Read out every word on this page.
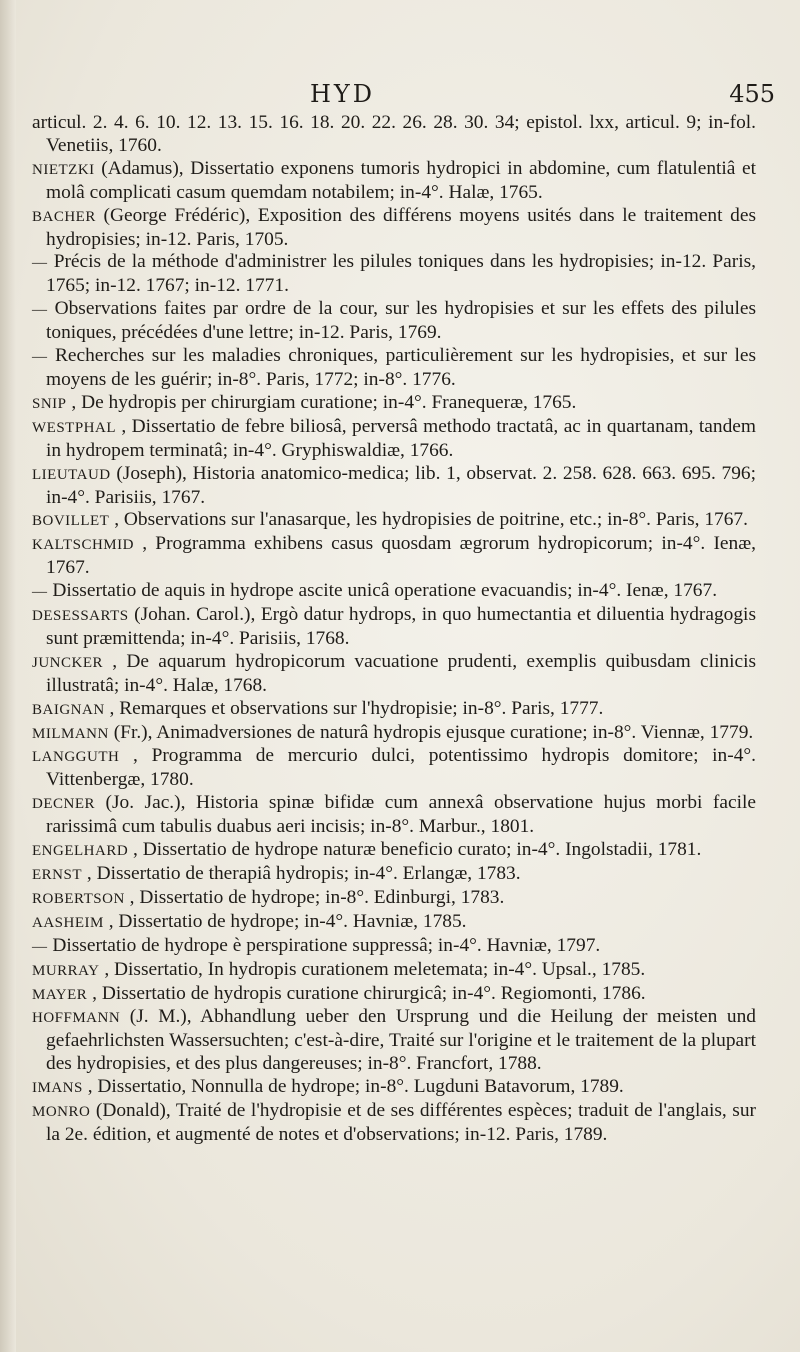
HYD	455
articul. 2. 4. 6. 10. 12. 13. 15. 16. 18. 20. 22. 26. 28. 30. 34; epistol. lxx, articul. 9; in-fol. Venetiis, 1760.
NIETZKI (Adamus), Dissertatio exponens tumoris hydropici in abdomine, cum flatulentiâ et molâ complicati casum quemdam notabilem; in-4°. Halæ, 1765.
BACHER (George Frédéric), Exposition des différens moyens usités dans le traitement des hydropisies; in-12. Paris, 1705.
— Précis de la méthode d'administrer les pilules toniques dans les hydropisies; in-12. Paris, 1765; in-12. 1767; in-12. 1771.
— Observations faites par ordre de la cour, sur les hydropisies et sur les effets des pilules toniques, précédées d'une lettre; in-12. Paris, 1769.
— Recherches sur les maladies chroniques, particulièrement sur les hydropisies, et sur les moyens de les guérir; in-8°. Paris, 1772; in-8°. 1776.
SNIP , De hydropis per chirurgiam curatione; in-4°. Franequeræ, 1765.
WESTPHAL , Dissertatio de febre biliosâ, perversâ methodo tractatâ, ac in quartanam, tandem in hydropem terminatâ; in-4°. Gryphiswaldiæ, 1766.
LIEUTAUD (Joseph), Historia anatomico-medica; lib. 1, observat. 2. 258. 628. 663. 695. 796; in-4°. Parisiis, 1767.
BOVILLET , Observations sur l'anasarque, les hydropisies de poitrine, etc.; in-8°. Paris, 1767.
KALTSCHMID , Programma exhibens casus quosdam ægrorum hydropicorum; in-4°. Ienæ, 1767.
— Dissertatio de aquis in hydrope ascite unicâ operatione evacuandis; in-4°. Ienæ, 1767.
DESESSARTS (Johan. Carol.), Ergò datur hydrops, in quo humectantia et diluentia hydragogis sunt præmittenda; in-4°. Parisiis, 1768.
JUNCKER , De aquarum hydropicorum vacuatione prudenti, exemplis quibusdam clinicis illustratâ; in-4°. Halæ, 1768.
BAIGNAN , Remarques et observations sur l'hydropisie; in-8°. Paris, 1777.
MILMANN (Fr.), Animadversiones de naturâ hydropis ejusque curatione; in-8°. Viennæ, 1779.
LANGGUTH , Programma de mercurio dulci, potentissimo hydropis domitore; in-4°. Vittenbergæ, 1780.
DECNER (Jo. Jac.), Historia spinæ bifidæ cum annexâ observatione hujus morbi facile rarissimâ cum tabulis duabus aeri incisis; in-8°. Marbur., 1801.
ENGELHARD , Dissertatio de hydrope naturæ beneficio curato; in-4°. Ingolstadii, 1781.
ERNST , Dissertatio de therapiâ hydropis; in-4°. Erlangæ, 1783.
ROBERTSON , Dissertatio de hydrope; in-8°. Edinburgi, 1783.
AASHEIM , Dissertatio de hydrope; in-4°. Havniæ, 1785.
— Dissertatio de hydrope è perspiratione suppressâ; in-4°. Havniæ, 1797.
MURRAY , Dissertatio, In hydropis curationem meletemata; in-4°. Upsal., 1785.
MAYER , Dissertatio de hydropis curatione chirurgicâ; in-4°. Regiomonti, 1786.
HOFFMANN (J. M.), Abhandlung ueber den Ursprung und die Heilung der meisten und gefaehrlichsten Wassersuchten; c'est-à-dire, Traité sur l'origine et le traitement de la plupart des hydropisies, et des plus dangereuses; in-8°. Francfort, 1788.
IMANS , Dissertatio, Nonnulla de hydrope; in-8°. Lugduni Batavorum, 1789.
MONRO (Donald), Traité de l'hydropisie et de ses différentes espèces; traduit de l'anglais, sur la 2e. édition, et augmenté de notes et d'observations; in-12. Paris, 1789.
